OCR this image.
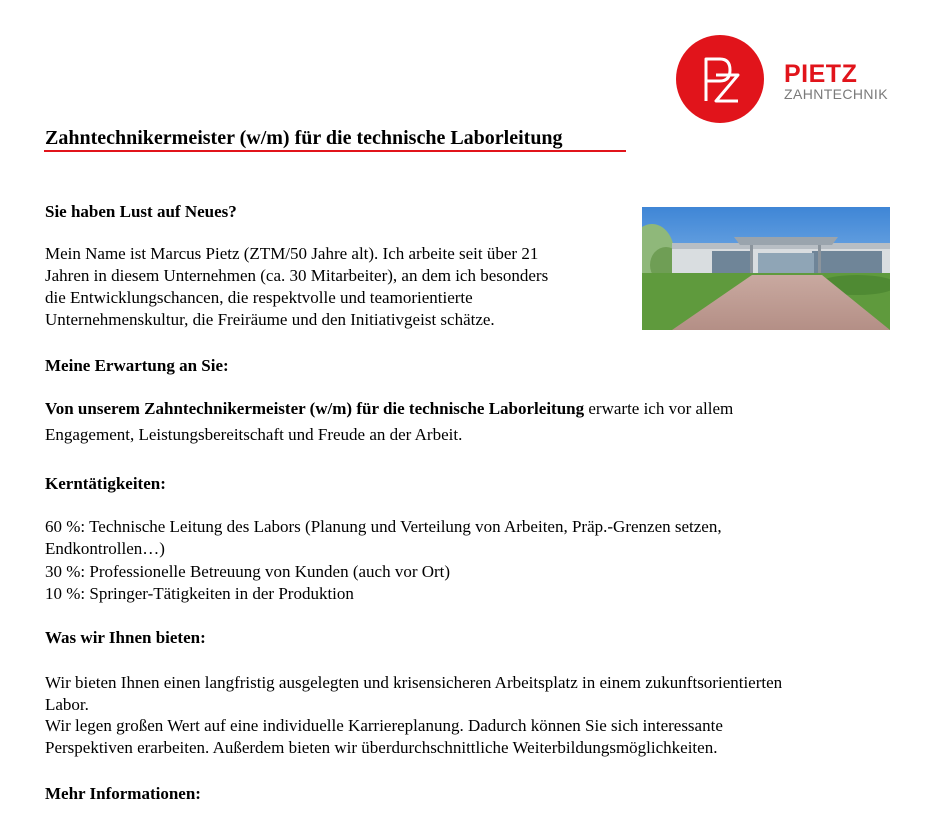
PIETZ
ZAHNTECHNIK
Zahntechnikermeister (w/m) für die technische Laborleitung
Sie haben Lust auf Neues?
Mein Name ist Marcus Pietz (ZTM/50 Jahre alt). Ich arbeite seit über 21
Jahren in diesem Unternehmen (ca. 30 Mitarbeiter), an dem ich besonders
die Entwicklungschancen, die respektvolle und teamorientierte
Unternehmenskultur, die Freiräume und den Initiativgeist schätze.
Meine Erwartung an Sie:
Von unserem Zahntechnikermeister (w/m) für die technische Laborleitung erwarte ich vor allem
Engagement, Leistungsbereitschaft und Freude an der Arbeit.
Kerntätigkeiten:
60 %: Technische Leitung des Labors (Planung und Verteilung von Arbeiten, Präp.-Grenzen setzen,
Endkontrollen…)
30 %: Professionelle Betreuung von Kunden (auch vor Ort)
10 %: Springer-Tätigkeiten in der Produktion
Was wir Ihnen bieten:
Wir bieten Ihnen einen langfristig ausgelegten und krisensicheren Arbeitsplatz in einem zukunftsorientierten
Labor.
Wir legen großen Wert auf eine individuelle Karriereplanung. Dadurch können Sie sich interessante
Perspektiven erarbeiten. Außerdem bieten wir überdurchschnittliche Weiterbildungsmöglichkeiten.
Mehr Informationen:
